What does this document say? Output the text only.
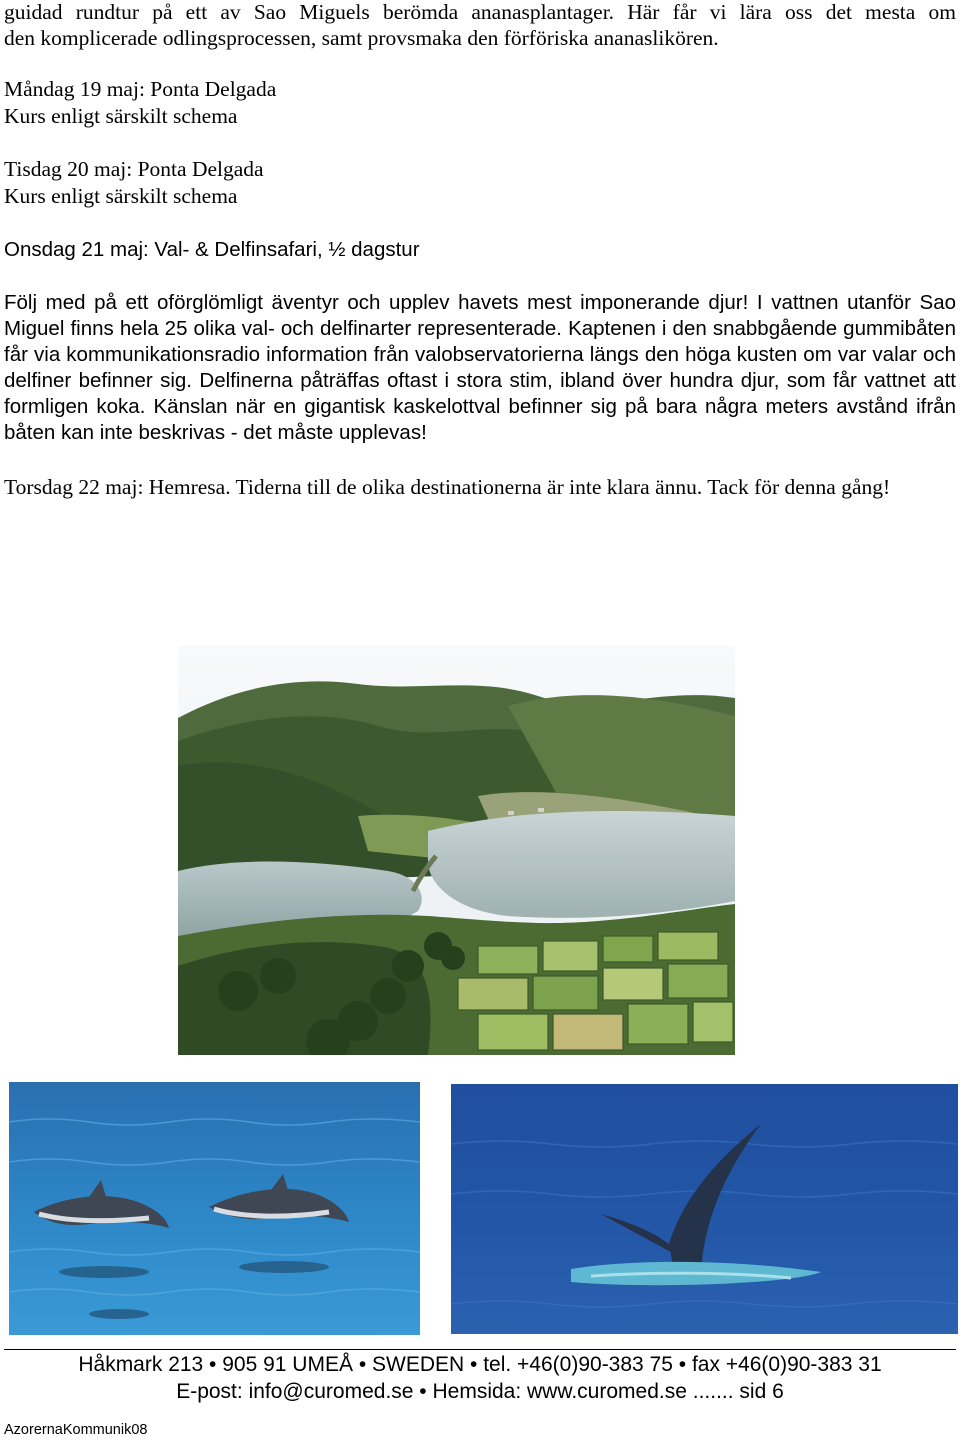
guidad rundtur på ett av Sao Miguels berömda ananasplantager. Här får vi lära oss det mesta om
den komplicerade odlingsprocessen, samt provsmaka den förföriska ananaslikören.
Måndag 19 maj: Ponta Delgada
Kurs enligt särskilt schema
Tisdag 20 maj: Ponta Delgada
Kurs enligt särskilt schema
Onsdag 21 maj: Val- & Delfinsafari, ½ dagstur

Följ med på ett oförglömligt äventyr och upplev havets mest imponerande djur! I vattnen utanför Sao Miguel finns hela 25 olika val- och delfinarter representerade. Kaptenen i den snabbgående gummibåten får via kommunikationsradio information från valobservatorierna längs den höga kusten om var valar och delfiner befinner sig. Delfinerna påträffas oftast i stora stim, ibland över hundra djur, som får vattnet att formligen koka. Känslan när en gigantisk kaskelottval befinner sig på bara några meters avstånd ifrån båten kan inte beskrivas - det måste upplevas!

Torsdag 22 maj: Hemresa. Tiderna till de olika destinationerna är inte klara ännu. Tack för denna gång!

Håkmark 213 • 905 91 UMEÅ • SWEDEN • tel. +46(0)90-383 75 • fax +46(0)90-383 31
E-post: info@curomed.se • Hemsida: www.curomed.se ....... sid 6
AzorernaKommunik08
